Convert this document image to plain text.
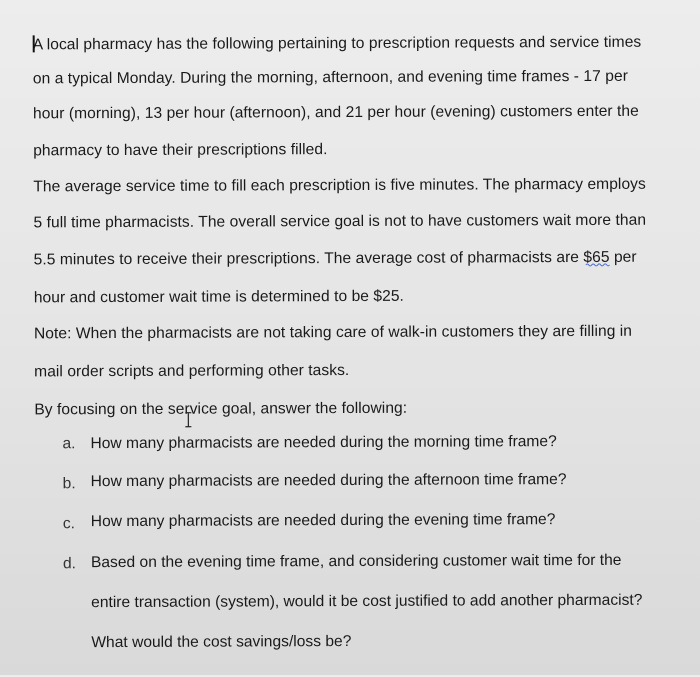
A local pharmacy has the following pertaining to prescription requests and service times
on a typical Monday. During the morning, afternoon, and evening time frames - 17 per
hour (morning), 13 per hour (afternoon), and 21 per hour (evening) customers enter the
pharmacy to have their prescriptions filled.
The average service time to fill each prescription is five minutes. The pharmacy employs
5 full time pharmacists. The overall service goal is not to have customers wait more than
5.5 minutes to receive their prescriptions. The average cost of pharmacists are $65 per
hour and customer wait time is determined to be $25.
Note: When the pharmacists are not taking care of walk-in customers they are filling in
mail order scripts and performing other tasks.
By focusing on the service goal, answer the following:
a. How many pharmacists are needed during the morning time frame?
b. How many pharmacists are needed during the afternoon time frame?
c. How many pharmacists are needed during the evening time frame?
d. Based on the evening time frame, and considering customer wait time for the
entire transaction (system), would it be cost justified to add another pharmacist?
What would the cost savings/loss be?
